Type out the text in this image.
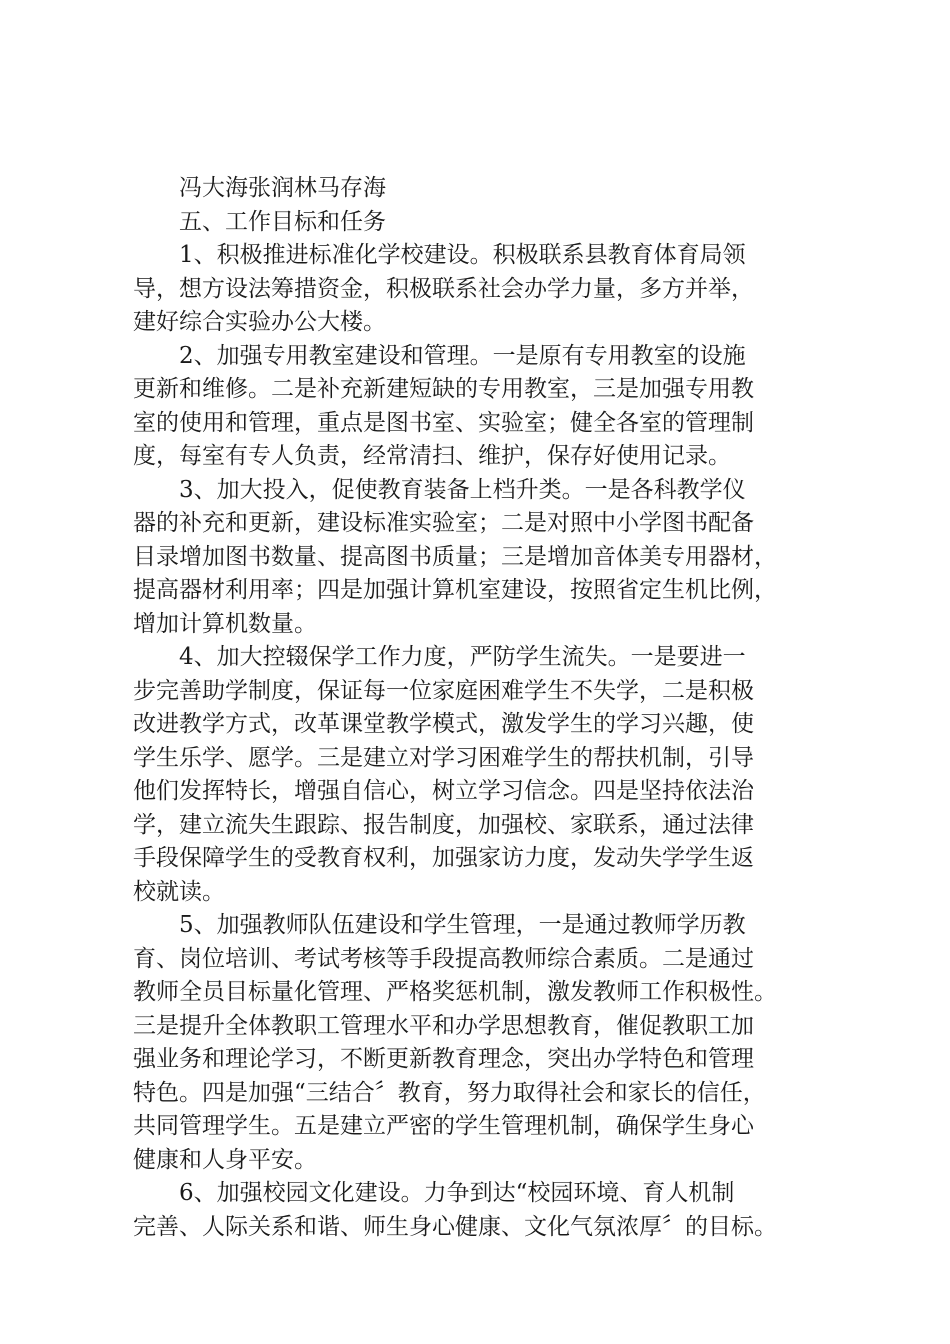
冯大海张润林马存海
五、工作目标和任务
1、积极推进标准化学校建设。积极联系县教育体育局领
导，想方设法筹措资金，积极联系社会办学力量，多方并举，
建好综合实验办公大楼。
2、加强专用教室建设和管理。一是原有专用教室的设施
更新和维修。二是补充新建短缺的专用教室，三是加强专用教
室的使用和管理，重点是图书室、实验室；健全各室的管理制
度，每室有专人负责，经常清扫、维护，保存好使用记录。
3、加大投入，促使教育装备上档升类。一是各科教学仪
器的补充和更新，建设标准实验室；二是对照中小学图书配备
目录增加图书数量、提高图书质量；三是增加音体美专用器材，
提高器材利用率；四是加强计算机室建设，按照省定生机比例，
增加计算机数量。
4、加大控辍保学工作力度，严防学生流失。一是要进一
步完善助学制度，保证每一位家庭困难学生不失学，二是积极
改进教学方式，改革课堂教学模式，激发学生的学习兴趣，使
学生乐学、愿学。三是建立对学习困难学生的帮扶机制，引导
他们发挥特长，增强自信心，树立学习信念。四是坚持依法治
学，建立流失生跟踪、报告制度，加强校、家联系，通过法律
手段保障学生的受教育权利，加强家访力度，发动失学学生返
校就读。
5、加强教师队伍建设和学生管理，一是通过教师学历教
育、岗位培训、考试考核等手段提高教师综合素质。二是通过
教师全员目标量化管理、严格奖惩机制，激发教师工作积极性。
三是提升全体教职工管理水平和办学思想教育，催促教职工加
强业务和理论学习，不断更新教育理念，突出办学特色和管理
特色。四是加强“三结合〞教育，努力取得社会和家长的信任，
共同管理学生。五是建立严密的学生管理机制，确保学生身心
健康和人身平安。
6、加强校园文化建设。力争到达“校园环境、育人机制
完善、人际关系和谐、师生身心健康、文化气氛浓厚〞的目标。
